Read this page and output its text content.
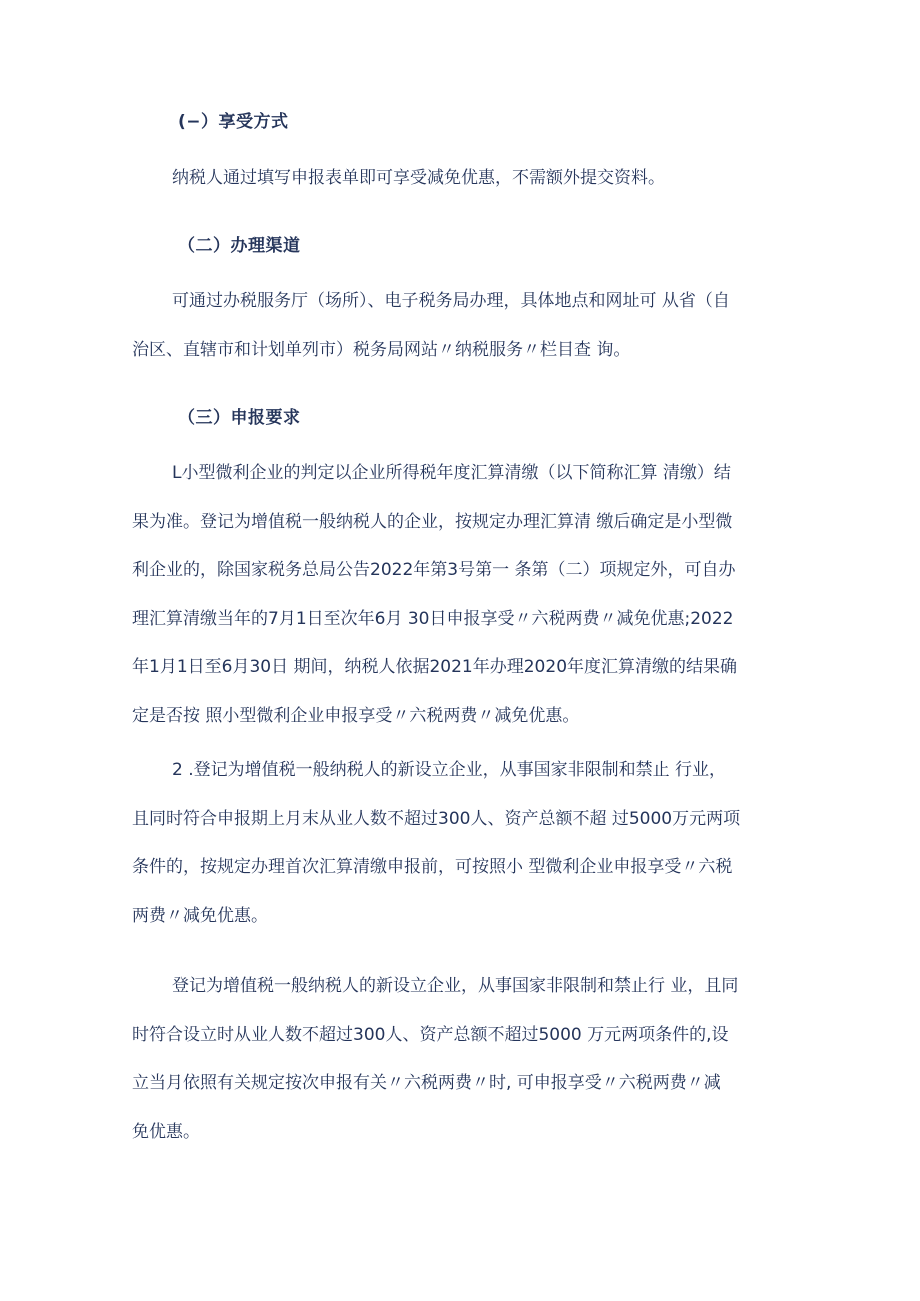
(−）享受方式
纳税人通过填写申报表单即可享受减免优惠，不需额外提交资料。
（二）办理渠道
可通过办税服务厅（场所）、电子税务局办理，具体地点和网址可 从省（自
治区、直辖市和计划单列市）税务局网站〃纳税服务〃栏目查 询。
（三）申报要求
L小型微利企业的判定以企业所得税年度汇算清缴（以下简称汇算 清缴）结
果为准。登记为增值税一般纳税人的企业，按规定办理汇算清 缴后确定是小型微
利企业的，除国家税务总局公告2022年第3号第一 条第（二）项规定外，可自办
理汇算清缴当年的7月1日至次年6月 30日申报享受〃六税两费〃减免优惠;2022
年1月1日至6月30日 期间，纳税人依据2021年办理2020年度汇算清缴的结果确
定是否按 照小型微利企业申报享受〃六税两费〃减免优惠。
2 .登记为增值税一般纳税人的新设立企业，从事国家非限制和禁止 行业，
且同时符合申报期上月末从业人数不超过300人、资产总额不超 过5000万元两项
条件的，按规定办理首次汇算清缴申报前，可按照小 型微利企业申报享受〃六税
两费〃减免优惠。
登记为增值税一般纳税人的新设立企业，从事国家非限制和禁止行 业，且同
时符合设立时从业人数不超过300人、资产总额不超过5000 万元两项条件的,设
立当月依照有关规定按次申报有关〃六税两费〃时, 可申报享受〃六税两费〃减
免优惠。
